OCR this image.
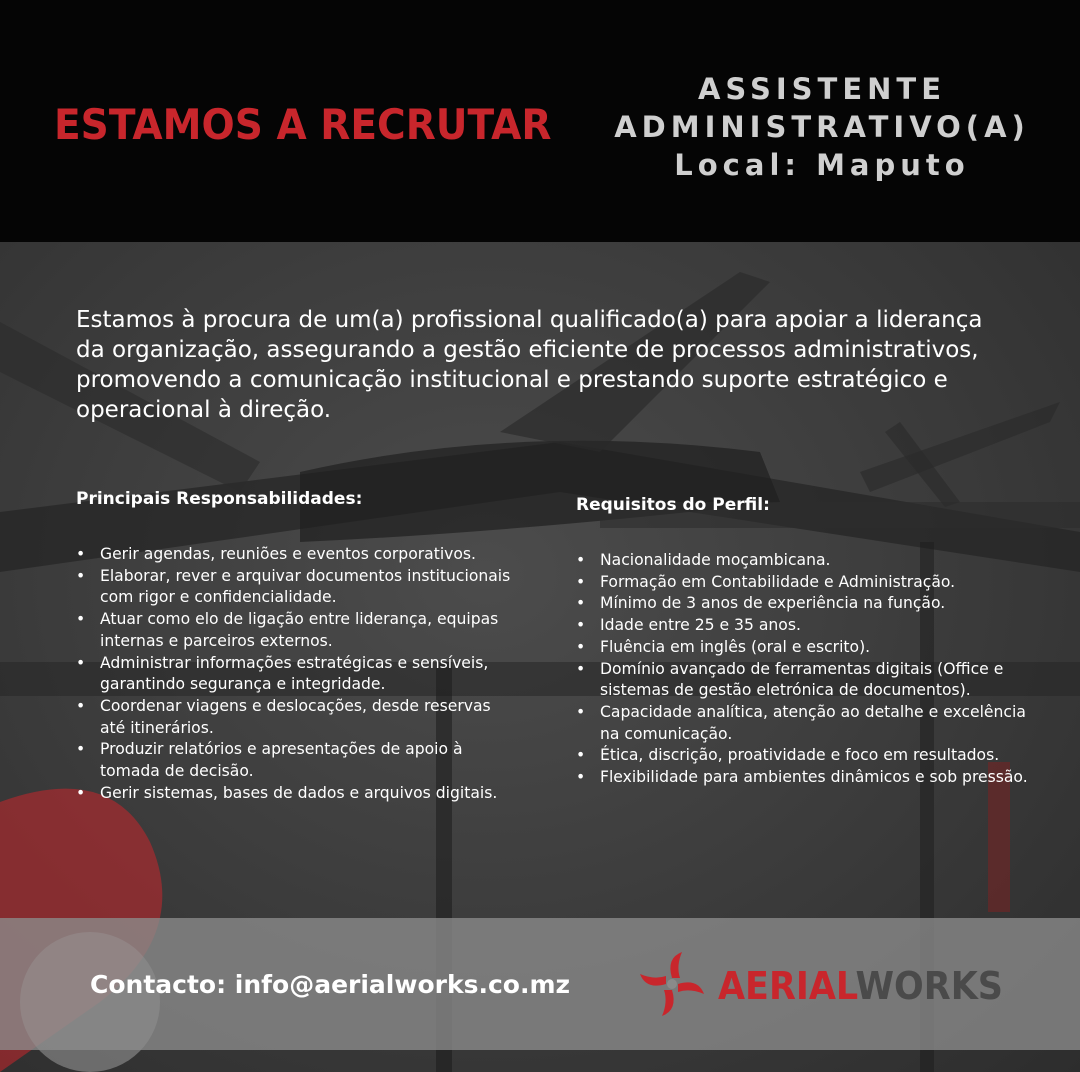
ESTAMOS A RECRUTAR
ASSISTENTE
ADMINISTRATIVO(A)
Local: Maputo

Estamos à procura de um(a) profissional qualificado(a) para apoiar a liderança da organização, assegurando a gestão eficiente de processos administrativos, promovendo a comunicação institucional e prestando suporte estratégico e operacional à direção.

Principais Responsabilidades:
• Gerir agendas, reuniões e eventos corporativos.
• Elaborar, rever e arquivar documentos institucionais com rigor e confidencialidade.
• Atuar como elo de ligação entre liderança, equipas internas e parceiros externos.
• Administrar informações estratégicas e sensíveis, garantindo segurança e integridade.
• Coordenar viagens e deslocações, desde reservas até itinerários.
• Produzir relatórios e apresentações de apoio à tomada de decisão.
• Gerir sistemas, bases de dados e arquivos digitais.
Requisitos do Perfil:
• Nacionalidade moçambicana.
• Formação em Contabilidade e Administração.
• Mínimo de 3 anos de experiência na função.
• Idade entre 25 e 35 anos.
• Fluência em inglês (oral e escrito).
• Domínio avançado de ferramentas digitais (Office e sistemas de gestão eletrónica de documentos).
• Capacidade analítica, atenção ao detalhe e excelência na comunicação.
• Ética, discrição, proatividade e foco em resultados.
• Flexibilidade para ambientes dinâmicos e sob pressão.

Contacto: info@aerialworks.co.mz	AERIALWORKS
